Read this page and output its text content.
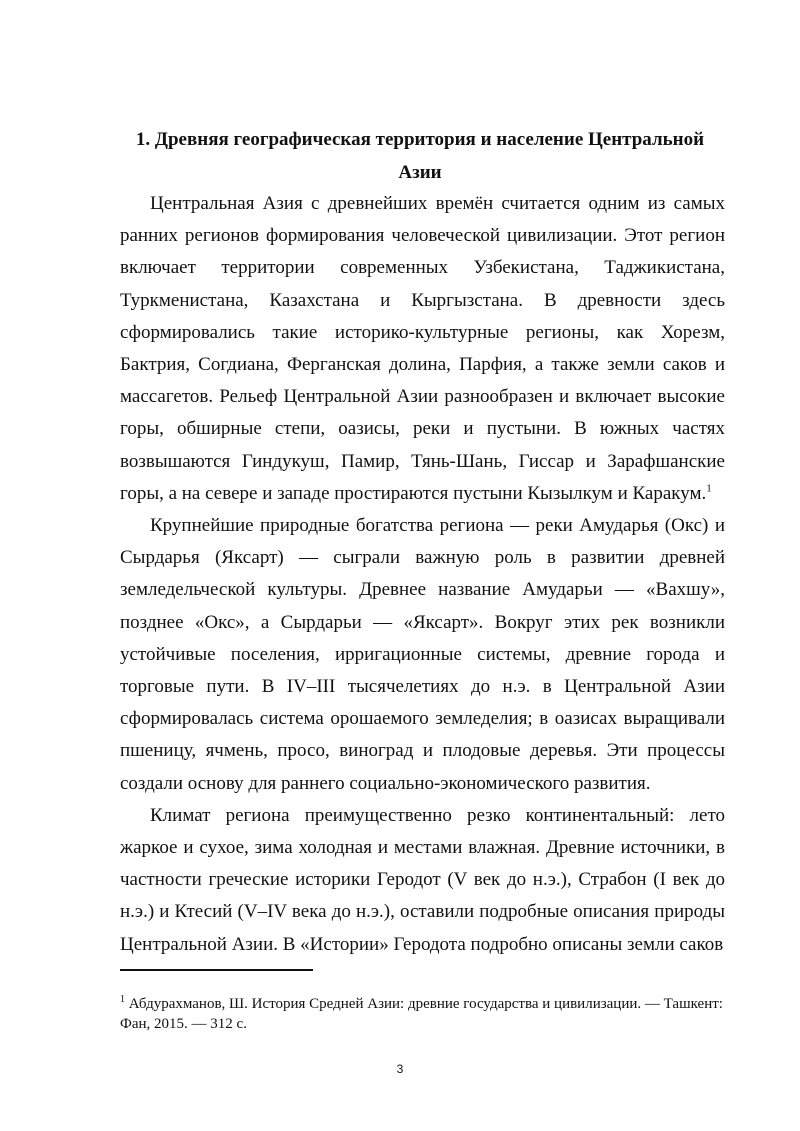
1. Древняя географическая территория и население Центральной Азии

Центральная Азия с древнейших времён считается одним из самых ранних регионов формирования человеческой цивилизации. Этот регион включает территории современных Узбекистана, Таджикистана, Туркменистана, Казахстана и Кыргызстана. В древности здесь сформировались такие историко-культурные регионы, как Хорезм, Бактрия, Согдиана, Ферганская долина, Парфия, а также земли саков и массагетов. Рельеф Центральной Азии разнообразен и включает высокие горы, обширные степи, оазисы, реки и пустыни. В южных частях возвышаются Гиндукуш, Памир, Тянь-Шань, Гиссар и Зарафшанские горы, а на севере и западе простираются пустыни Кызылкум и Каракум.$^1$

Крупнейшие природные богатства региона — реки Амударья (Окс) и Сырдарья (Яксарт) — сыграли важную роль в развитии древней земледельческой культуры. Древнее название Амударьи — «Вахшу», позднее «Окс», а Сырдарьи — «Яксарт». Вокруг этих рек возникли устойчивые поселения, ирригационные системы, древние города и торговые пути. В IV–III тысячелетиях до н.э. в Центральной Азии сформировалась система орошаемого земледелия; в оазисах выращивали пшеницу, ячмень, просо, виноград и плодовые деревья. Эти процессы создали основу для раннего социально-экономического развития.

Климат региона преимущественно резко континентальный: лето жаркое и сухое, зима холодная и местами влажная. Древние источники, в частности греческие историки Геродот (V век до н.э.), Страбон (I век до н.э.) и Ктесий (V–IV века до н.э.), оставили подробные описания природы Центральной Азии. В «Истории» Геродота подробно описаны земли саков

$^1$ Абдурахманов, Ш. История Средней Азии: древние государства и цивилизации. — Ташкент: Фан, 2015. — 312 с.

3
